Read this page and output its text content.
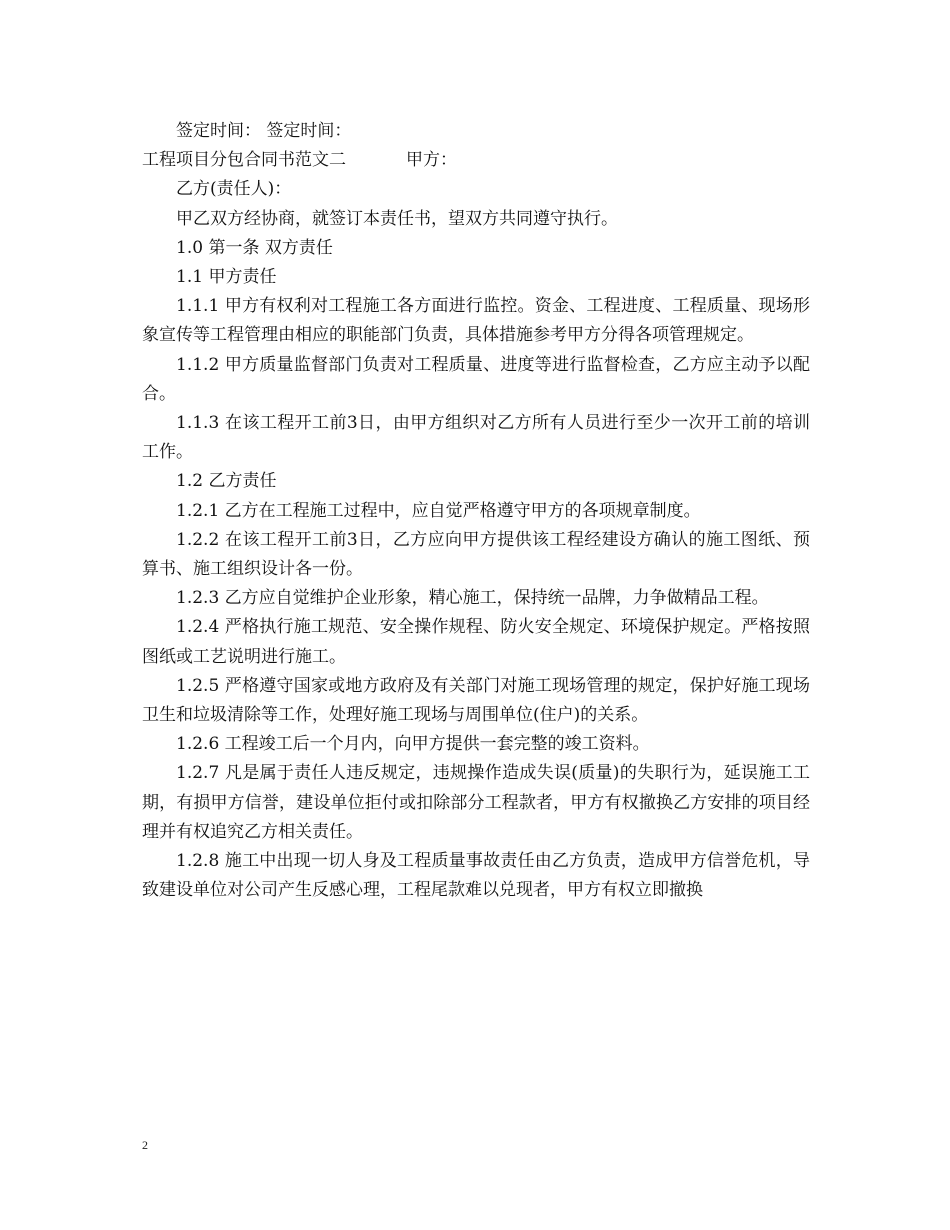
签定时间： 签定时间：

工程项目分包合同书范文二	甲方：

乙方(责任人)：

甲乙双方经协商，就签订本责任书，望双方共同遵守执行。

1.0 第一条 双方责任

1.1 甲方责任

1.1.1 甲方有权利对工程施工各方面进行监控。资金、工程进度、工程质量、现场形象宣传等工程管理由相应的职能部门负责，具体措施参考甲方分得各项管理规定。

1.1.2 甲方质量监督部门负责对工程质量、进度等进行监督检查，乙方应主动予以配合。

1.1.3 在该工程开工前3日，由甲方组织对乙方所有人员进行至少一次开工前的培训工作。

1.2 乙方责任

1.2.1 乙方在工程施工过程中，应自觉严格遵守甲方的各项规章制度。

1.2.2 在该工程开工前3日，乙方应向甲方提供该工程经建设方确认的施工图纸、预算书、施工组织设计各一份。

1.2.3 乙方应自觉维护企业形象，精心施工，保持统一品牌，力争做精品工程。

1.2.4 严格执行施工规范、安全操作规程、防火安全规定、环境保护规定。严格按照图纸或工艺说明进行施工。

1.2.5 严格遵守国家或地方政府及有关部门对施工现场管理的规定，保护好施工现场卫生和垃圾清除等工作，处理好施工现场与周围单位(住户)的关系。

1.2.6 工程竣工后一个月内，向甲方提供一套完整的竣工资料。

1.2.7 凡是属于责任人违反规定，违规操作造成失误(质量)的失职行为，延误施工工期，有损甲方信誉，建设单位拒付或扣除部分工程款者，甲方有权撤换乙方安排的项目经理并有权追究乙方相关责任。

1.2.8 施工中出现一切人身及工程质量事故责任由乙方负责，造成甲方信誉危机，导致建设单位对公司产生反感心理，工程尾款难以兑现者，甲方有权立即撤换

2
